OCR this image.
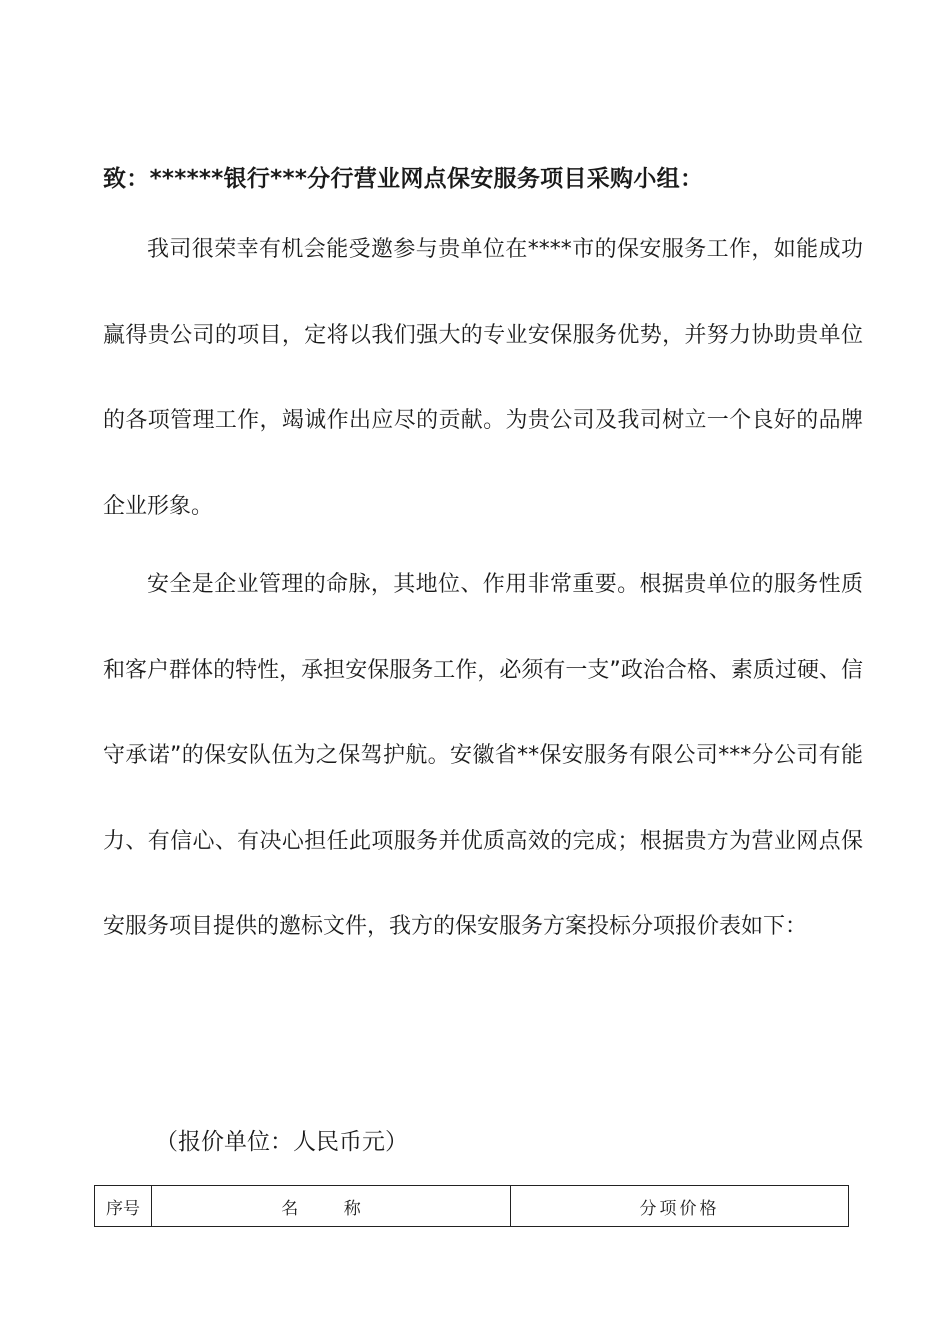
致：******银行***分行营业网点保安服务项目采购小组：

我司很荣幸有机会能受邀参与贵单位在****市的保安服务工作，如能成功赢得贵公司的项目，定将以我们强大的专业安保服务优势，并努力协助贵单位的各项管理工作，竭诚作出应尽的贡献。为贵公司及我司树立一个良好的品牌企业形象。

安全是企业管理的命脉，其地位、作用非常重要。根据贵单位的服务性质和客户群体的特性，承担安保服务工作，必须有一支”政治合格、素质过硬、信守承诺”的保安队伍为之保驾护航。安徽省**保安服务有限公司***分公司有能力、有信心、有决心担任此项服务并优质高效的完成；根据贵方为营业网点保安服务项目提供的邀标文件，我方的保安服务方案投标分项报价表如下：

（报价单位：人民币元）
序号	名 称	分项价格
